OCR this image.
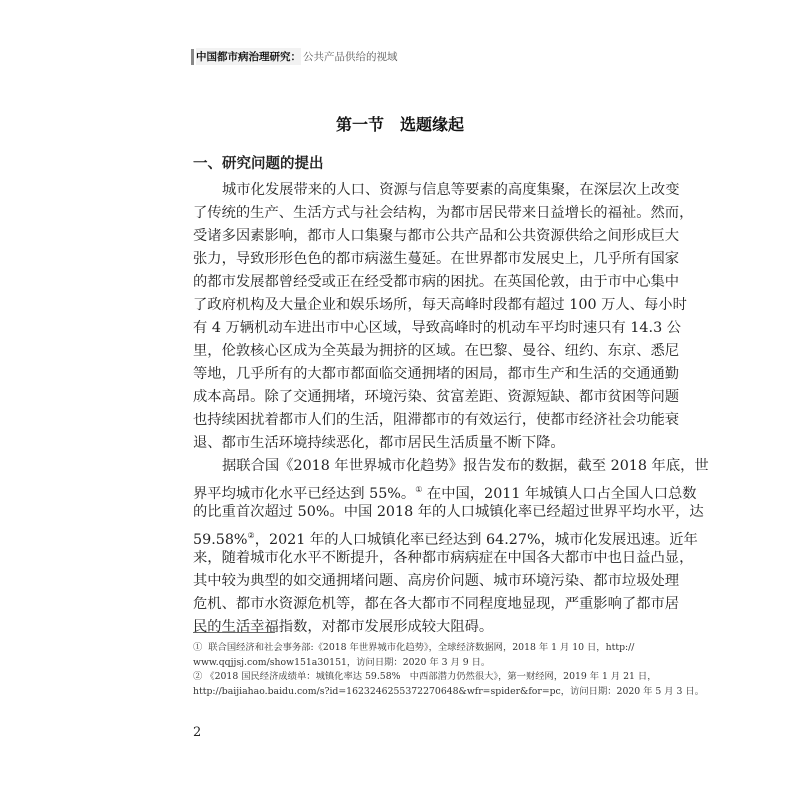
中国都市病治理研究： 公共产品供给的视域
第一节　选题缘起
一、研究问题的提出
城市化发展带来的人口、资源与信息等要素的高度集聚，在深层次上改变
了传统的生产、生活方式与社会结构，为都市居民带来日益增长的福祉。然而，
受诸多因素影响，都市人口集聚与都市公共产品和公共资源供给之间形成巨大
张力，导致形形色色的都市病滋生蔓延。在世界都市发展史上，几乎所有国家
的都市发展都曾经受或正在经受都市病的困扰。在英国伦敦，由于市中心集中
了政府机构及大量企业和娱乐场所，每天高峰时段都有超过 100 万人、每小时
有 4 万辆机动车进出市中心区域，导致高峰时的机动车平均时速只有 14.3 公
里，伦敦核心区成为全英最为拥挤的区域。在巴黎、曼谷、纽约、东京、悉尼
等地，几乎所有的大都市都面临交通拥堵的困局，都市生产和生活的交通通勤
成本高昂。除了交通拥堵，环境污染、贫富差距、资源短缺、都市贫困等问题
也持续困扰着都市人们的生活，阻滞都市的有效运行，使都市经济社会功能衰
退、都市生活环境持续恶化，都市居民生活质量不断下降。
据联合国《2018 年世界城市化趋势》报告发布的数据，截至 2018 年底，世
界平均城市化水平已经达到 55%。① 在中国，2011 年城镇人口占全国人口总数
的比重首次超过 50%。中国 2018 年的人口城镇化率已经超过世界平均水平，达
59.58%②，2021 年的人口城镇化率已经达到 64.27%，城市化发展迅速。近年
来，随着城市化水平不断提升，各种都市病病症在中国各大都市中也日益凸显，
其中较为典型的如交通拥堵问题、高房价问题、城市环境污染、都市垃圾处理
危机、都市水资源危机等，都在各大都市不同程度地显现，严重影响了都市居
民的生活幸福指数，对都市发展形成较大阻碍。
① 联合国经济和社会事务部:《2018 年世界城市化趋势》，全球经济数据网，2018 年 1 月 10 日，http://
www.qqjjsj.com/show151a30151，访问日期：2020 年 3 月 9 日。
② 《2018 国民经济成绩单：城镇化率达 59.58%　中西部潜力仍然很大》，第一财经网，2019 年 1 月 21 日，
http://baijiahao.baidu.com/s?id=1623246255372270648&wfr=spider&for=pc，访问日期：2020 年 5 月 3 日。
2
